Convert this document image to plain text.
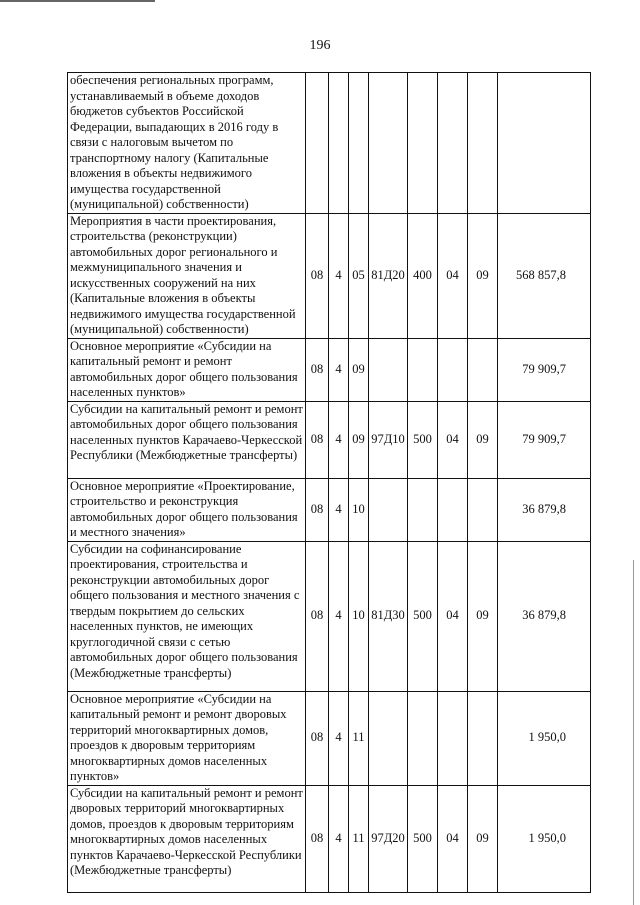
196
обеспечения региональных программ, устанавливаемый в объеме доходов бюджетов субъектов Российской Федерации, выпадающих в 2016 году в связи с налоговым вычетом по транспортному налогу (Капитальные вложения в объекты недвижимого имущества государственной (муниципальной) собственности)								
Мероприятия в части проектирования, строительства (реконструкции) автомобильных дорог регионального и межмуниципального значения и искусственных сооружений на них (Капитальные вложения в объекты недвижимого имущества государственной (муниципальной) собственности)	08	4	05	81Д20	400	04	09	568 857,8
Основное мероприятие «Субсидии на капитальный ремонт и ремонт автомобильных дорог общего пользования населенных пунктов»	08	4	09					79 909,7
Субсидии на капитальный ремонт и ремонт автомобильных дорог общего пользования населенных пунктов Карачаево-Черкесской Республики (Межбюджетные трансферты)	08	4	09	97Д10	500	04	09	79 909,7
Основное мероприятие «Проектирование, строительство и реконструкция автомобильных дорог общего пользования и местного значения»	08	4	10					36 879,8
Субсидии на софинансирование проектирования, строительства и реконструкции автомобильных дорог общего пользования и местного значения с твердым покрытием до сельских населенных пунктов, не имеющих круглогодичной связи с сетью автомобильных дорог общего пользования (Межбюджетные трансферты)	08	4	10	81Д30	500	04	09	36 879,8
Основное мероприятие «Субсидии на капитальный ремонт и ремонт дворовых территорий многоквартирных домов, проездов к дворовым территориям многоквартирных домов населенных пунктов»	08	4	11					1 950,0
Субсидии на капитальный ремонт и ремонт дворовых территорий многоквартирных домов, проездов к дворовым территориям многоквартирных домов населенных пунктов Карачаево-Черкесской Республики (Межбюджетные трансферты)	08	4	11	97Д20	500	04	09	1 950,0
